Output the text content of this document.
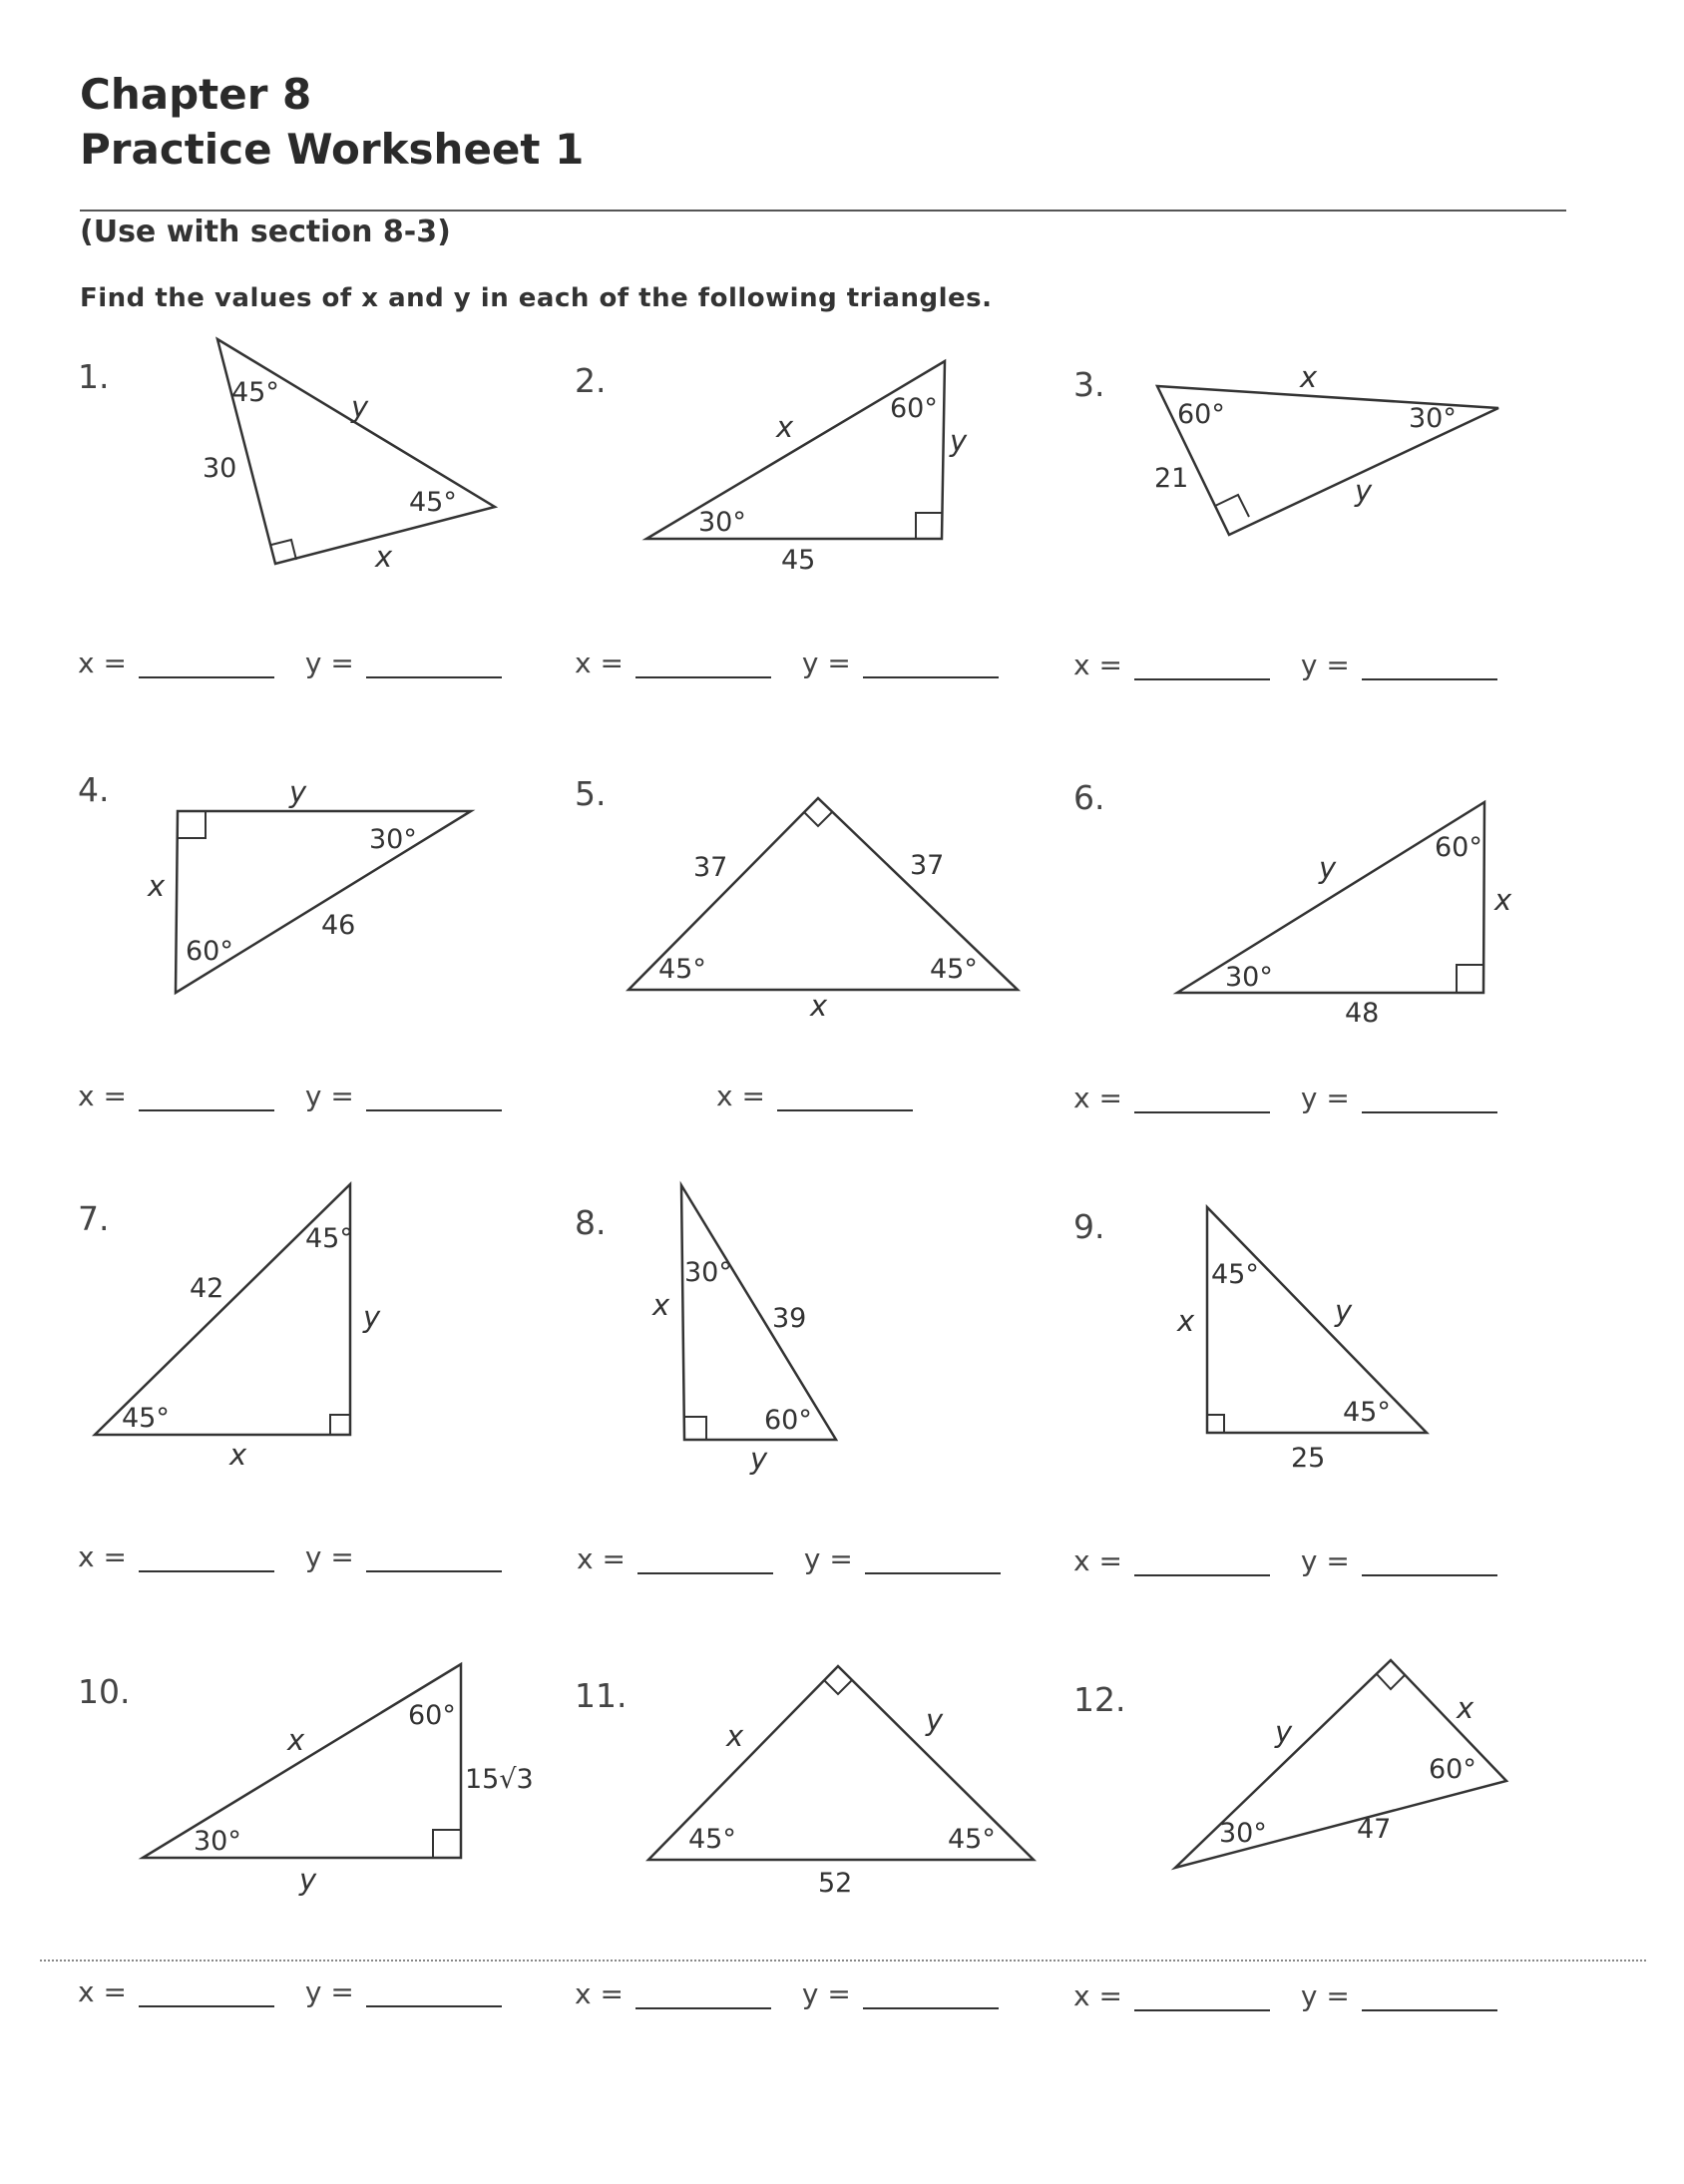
Chapter 8
Practice Worksheet 1
(Use with section 8-3)
Find the values of x and y in each of the following triangles.
1.	2.	3.
4.	5.	6.
7.	8.	9.
10.	11.	12.
45° y
30
45°
x
x
60°
y
30°
45
x
60°	30°
21	y
y
30°
x
46
60°
37	37
45°	45°
x
y
60°
x
30°
48
45°
42
y
45°
x
30°
x	39
60°
y
45°
y
x
45°
25
60°
x
15√3
30°
y
x	y
45°	45°
52
y
x
60°
30°	47
x =	y =	x =	y =	x =	y =
x =	y =	x =	x =	y =
x =	y =	x =	y =	x =	y =
x =	y =	x =	y =	x =	y =
